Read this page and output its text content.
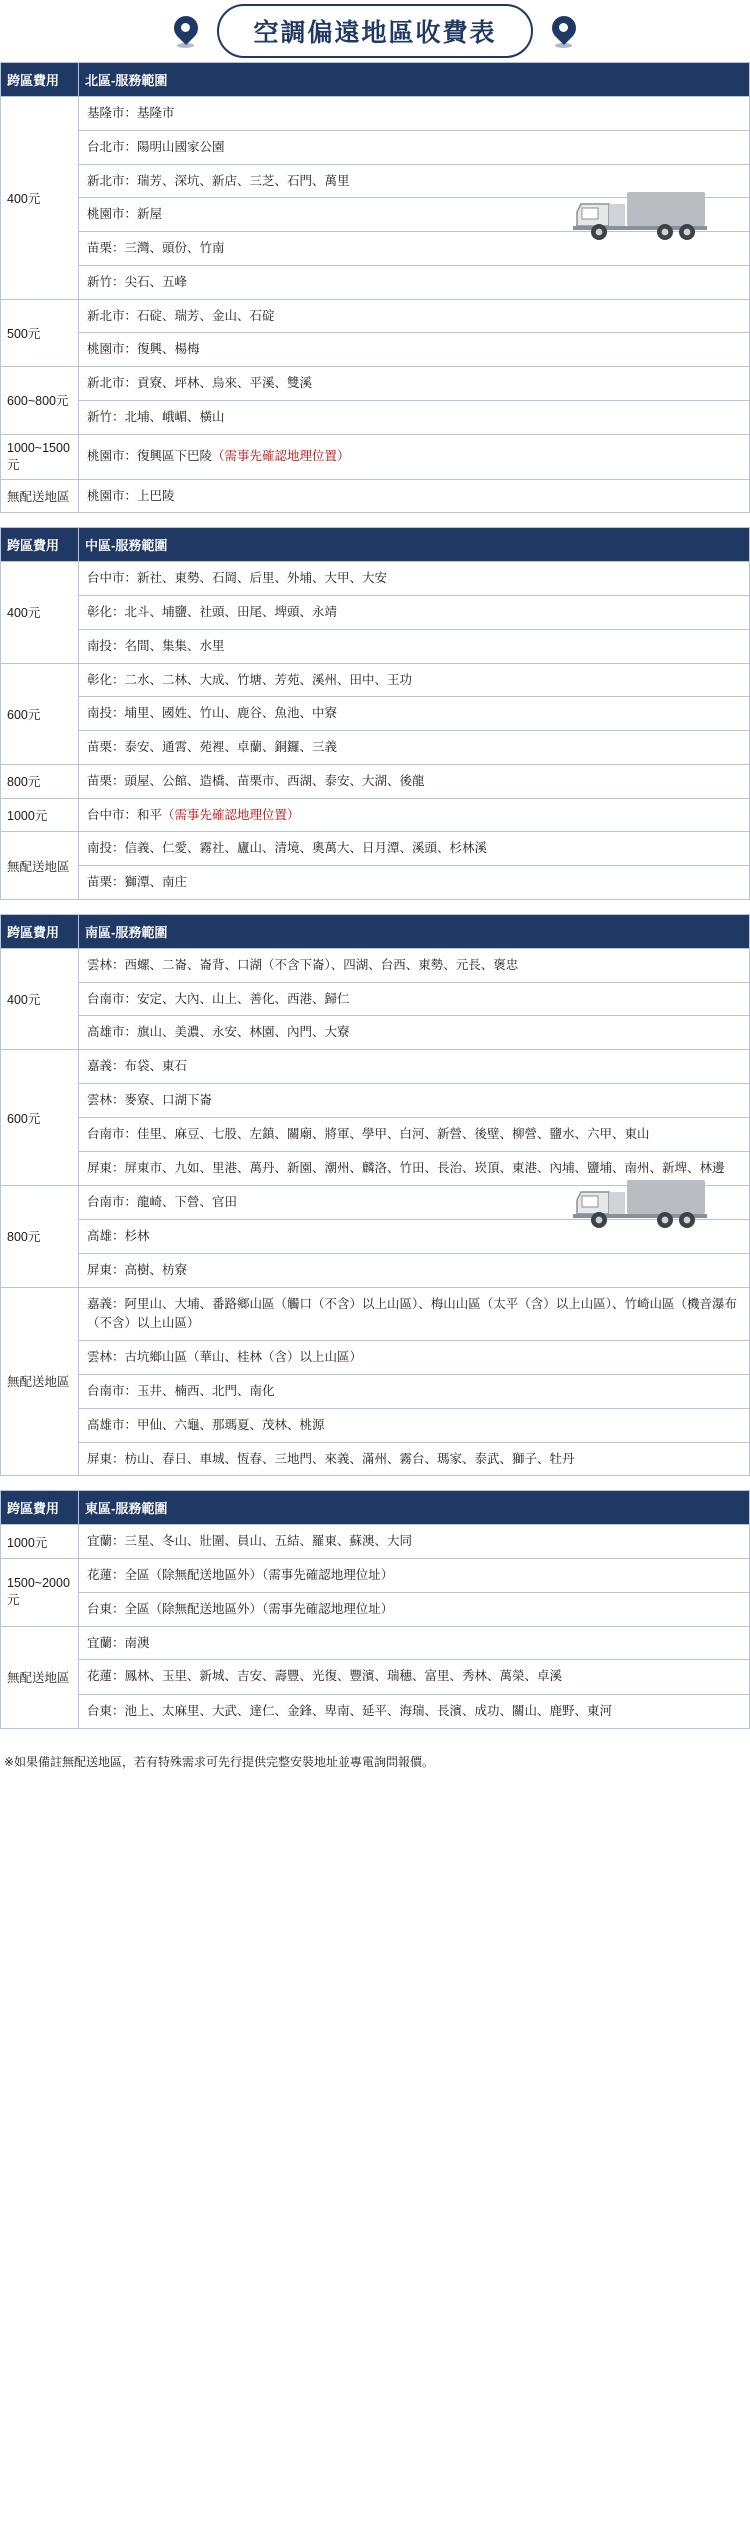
空調偏遠地區收費表
跨區費用	北區-服務範圍
400元	基隆市：基隆市
	台北市：陽明山國家公園
	新北市：瑞芳、深坑、新店、三芝、石門、萬里
	桃園市：新屋

	苗栗：三灣、頭份、竹南
	新竹：尖石、五峰
500元	新北市：石碇、瑞芳、金山、石碇
	桃園市：復興、楊梅
600~800元	新北市：貢寮、坪林、烏來、平溪、雙溪
	新竹：北埔、峨嵋、橫山
1000~1500元	桃園市：復興區下巴陵（需事先確認地理位置）
無配送地區	桃園市：上巴陵
跨區費用	中區-服務範圍
400元	台中市：新社、東勢、石岡、后里、外埔、大甲、大安
	彰化：北斗、埔鹽、社頭、田尾、埤頭、永靖
	南投：名間、集集、水里
600元	彰化：二水、二林、大成、竹塘、芳苑、溪州、田中、王功
	南投：埔里、國姓、竹山、鹿谷、魚池、中寮
	苗栗：泰安、通霄、苑裡、卓蘭、銅鑼、三義
800元	苗栗：頭屋、公館、造橋、苗栗市、西湖、泰安、大湖、後龍
1000元	台中市：和平（需事先確認地理位置）
無配送地區	南投：信義、仁愛、霧社、廬山、清境、奧萬大、日月潭、溪頭、杉林溪
	苗栗：獅潭、南庄
跨區費用	南區-服務範圍
400元	雲林：西螺、二崙、崙背、口湖（不含下崙）、四湖、台西、東勢、元長、褒忠
	台南市：安定、大內、山上、善化、西港、歸仁
	高雄市：旗山、美濃、永安、林園、內門、大寮
600元	嘉義：布袋、東石
	雲林：麥寮、口湖下崙
	台南市：佳里、麻豆、七股、左鎮、關廟、將軍、學甲、白河、新營、後壁、柳營、鹽水、六甲、東山
	屏東：屏東市、九如、里港、萬丹、新園、潮州、麟洛、竹田、長治、崁頂、東港、內埔、鹽埔、南州、新埤、林邊
800元	台南市：龍崎、下營、官田

	高雄：杉林
	屏東：高樹、枋寮
無配送地區	嘉義：阿里山、大埔、番路鄉山區（觸口（不含）以上山區）、梅山山區（太平（含）以上山區）、竹崎山區（機音瀑布（不含）以上山區）
	雲林：古坑鄉山區（華山、桂林（含）以上山區）
	台南市：玉井、楠西、北門、南化
	高雄市：甲仙、六龜、那瑪夏、茂林、桃源
	屏東：枋山、春日、車城、恆春、三地門、來義、滿州、霧台、瑪家、泰武、獅子、牡丹
跨區費用	東區-服務範圍
1000元	宜蘭：三星、冬山、壯圍、員山、五結、羅東、蘇澳、大同
1500~2000元	花蓮：全區（除無配送地區外）（需事先確認地理位址）
	台東：全區（除無配送地區外）（需事先確認地理位址）
無配送地區	宜蘭：南澳
	花蓮：鳳林、玉里、新城、吉安、壽豐、光復、豐濱、瑞穗、富里、秀林、萬榮、卓溪
	台東：池上、太麻里、大武、達仁、金鋒、卑南、延平、海瑞、長濱、成功、關山、鹿野、東河
※如果備註無配送地區，若有特殊需求可先行提供完整安裝地址並專電詢問報價。
